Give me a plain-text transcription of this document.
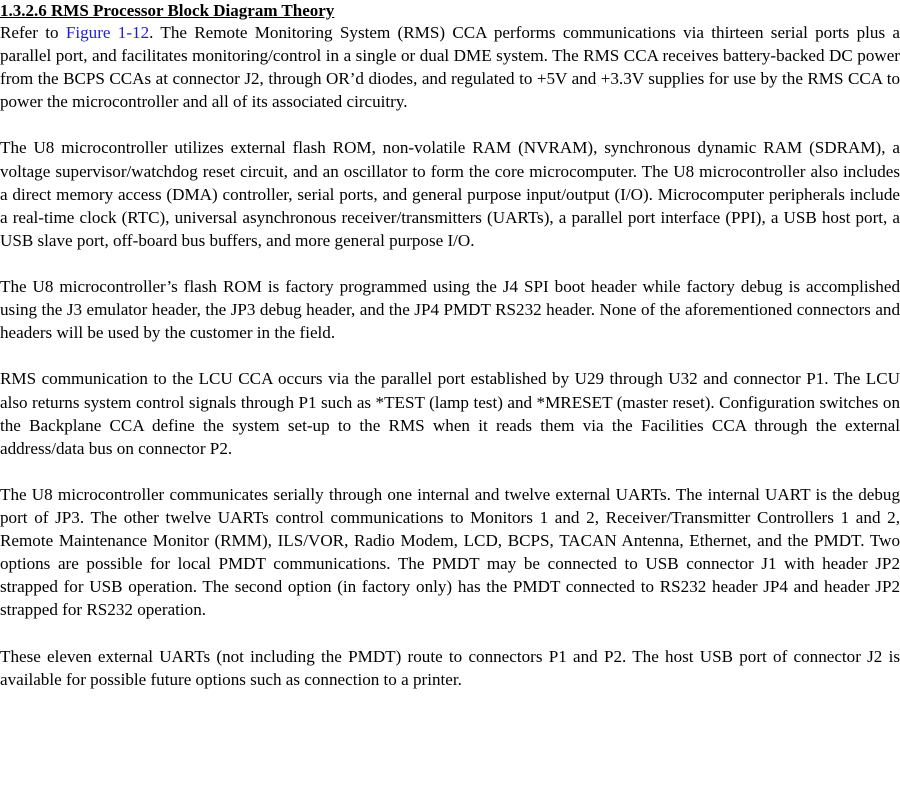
1.3.2.6 RMS Processor Block Diagram Theory

Refer to Figure 1-12. The Remote Monitoring System (RMS) CCA performs communications via thirteen serial ports plus a parallel port, and facilitates monitoring/control in a single or dual DME system. The RMS CCA receives battery-backed DC power from the BCPS CCAs at connector J2, through OR’d diodes, and regulated to +5V and +3.3V supplies for use by the RMS CCA to power the microcontroller and all of its associated circuitry.

The U8 microcontroller utilizes external flash ROM, non-volatile RAM (NVRAM), synchronous dynamic RAM (SDRAM), a voltage supervisor/watchdog reset circuit, and an oscillator to form the core microcomputer. The U8 microcontroller also includes a direct memory access (DMA) controller, serial ports, and general purpose input/output (I/O). Microcomputer peripherals include a real-time clock (RTC), universal asynchronous receiver/transmitters (UARTs), a parallel port interface (PPI), a USB host port, a USB slave port, off-board bus buffers, and more general purpose I/O.

The U8 microcontroller’s flash ROM is factory programmed using the J4 SPI boot header while factory debug is accomplished using the J3 emulator header, the JP3 debug header, and the JP4 PMDT RS232 header. None of the aforementioned connectors and headers will be used by the customer in the field.

RMS communication to the LCU CCA occurs via the parallel port established by U29 through U32 and connector P1. The LCU also returns system control signals through P1 such as *TEST (lamp test) and *MRESET (master reset). Configuration switches on the Backplane CCA define the system set-up to the RMS when it reads them via the Facilities CCA through the external address/data bus on connector P2.

The U8 microcontroller communicates serially through one internal and twelve external UARTs. The internal UART is the debug port of JP3. The other twelve UARTs control communications to Monitors 1 and 2, Receiver/Transmitter Controllers 1 and 2, Remote Maintenance Monitor (RMM), ILS/VOR, Radio Modem, LCD, BCPS, TACAN Antenna, Ethernet, and the PMDT. Two options are possible for local PMDT communications. The PMDT may be connected to USB connector J1 with header JP2 strapped for USB operation. The second option (in factory only) has the PMDT connected to RS232 header JP4 and header JP2 strapped for RS232 operation.

These eleven external UARTs (not including the PMDT) route to connectors P1 and P2. The host USB port of connector J2 is available for possible future options such as connection to a printer.
